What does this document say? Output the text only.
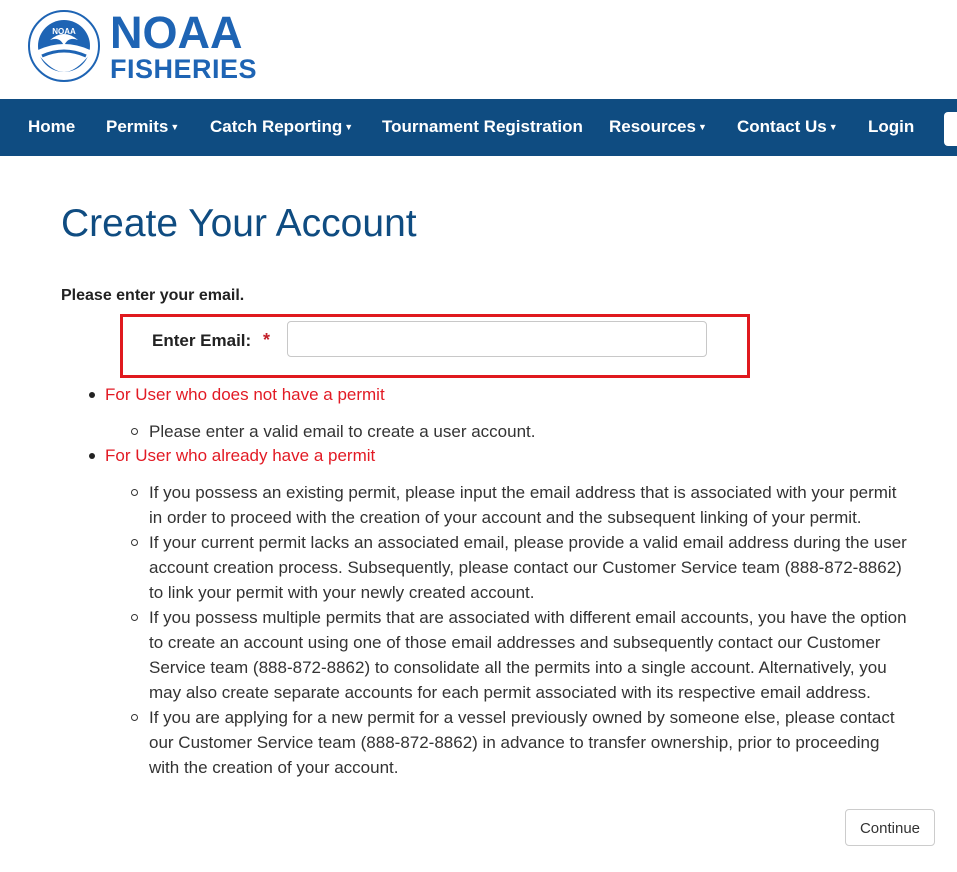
NOAA NOAA
FISHERIES
Home Permits ▼ Catch Reporting ▼ Tournament Registration Resources ▼ Contact Us ▼ Login
Create Your Account
Please enter your email.
Enter Email: *
For User who does not have a permit
Please enter a valid email to create a user account.
For User who already have a permit
If you possess an existing permit, please input the email address that is associated with your permit
in order to proceed with the creation of your account and the subsequent linking of your permit.
If your current permit lacks an associated email, please provide a valid email address during the user
account creation process. Subsequently, please contact our Customer Service team (888-872-8862)
to link your permit with your newly created account.
If you possess multiple permits that are associated with different email accounts, you have the option
to create an account using one of those email addresses and subsequently contact our Customer
Service team (888-872-8862) to consolidate all the permits into a single account. Alternatively, you
may also create separate accounts for each permit associated with its respective email address.
If you are applying for a new permit for a vessel previously owned by someone else, please contact
our Customer Service team (888-872-8862) in advance to transfer ownership, prior to proceeding
with the creation of your account.
Continue
